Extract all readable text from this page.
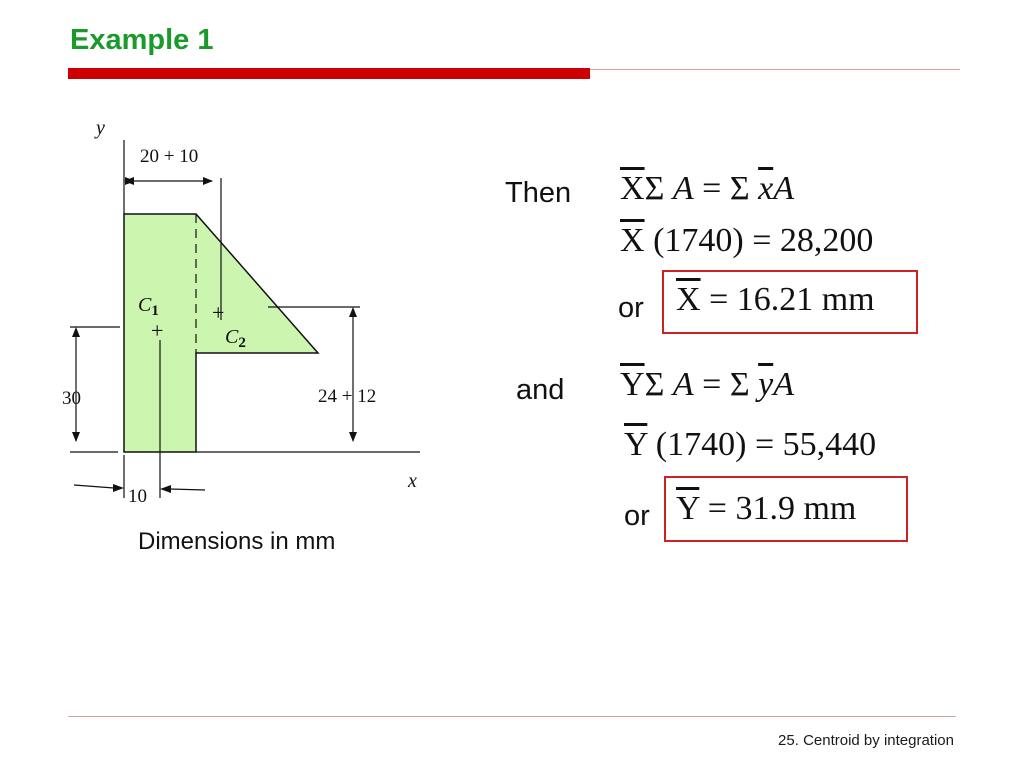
Example 1
y
x
20 + 10
30	24 + 12
10
+
+
$C_1$
$C_2$
Dimensions in mm
Then $\overline{X}\Sigma$ A = Σ $\overline{x}A$
$\overline{X}$ (1740) = 28,200
or $\overline{X} = 16.21$ mm
and $\overline{Y}\Sigma$ A = Σ $\overline{y}A$
$\overline{Y}$ (1740) = 55,440
or $\overline{Y} = 31.9$ mm
25. Centroid by integration
